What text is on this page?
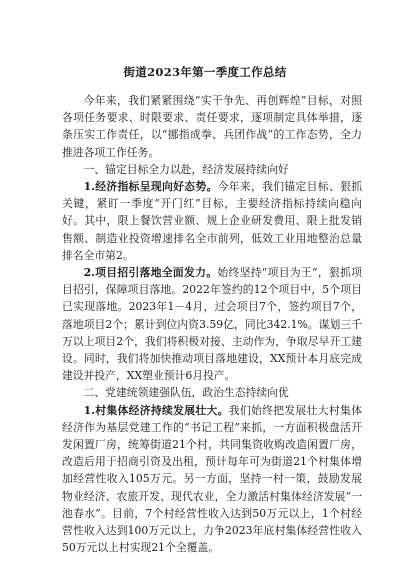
街道2023年第一季度工作总结

今年来，我们紧紧围绕“实干争先、再创辉煌”目标，对照各项任务要求、时限要求、责任要求，逐项制定具体举措，逐条压实工作责任，以“挪指成拳、兵团作战”的工作态势，全力推进各项工作任务。

一、锚定目标全力以赴，经济发展持续向好

1.经济指标呈现向好态势。今年来，我们锚定目标、狠抓关键，紧盯一季度“开门红”目标，主要经济指标持续向稳向好。其中，限上餐饮营业额、规上企业研发费用、限上批发销售额、制造业投资增速排名全市前列，低效工业用地整治总量排名全市第2。

2.项目招引落地全面发力。始终坚持“项目为王”，狠抓项目招引，保障项目落地。2022年签约的12个项目中，5个项目已实现落地。2023年1－4月，过会项目7个，签约项目7个，落地项目2个；累计到位内资3.59亿，同比342.1%。谋划三千万以上项目2个，我们将积极对接、主动作为，争取尽早开工建设。同时，我们将加快推动项目落地建设，XX预计本月底完成建设并投产，XX塑业预计6月投产。

二、党建统领建强队伍，政治生态持续向优

1.村集体经济持续发展壮大。我们始终把发展壮大村集体经济作为基层党建工作的“书记工程”来抓，一方面积极盘活开发闲置厂房，统筹街道21个村，共同集资收购改造闲置厂房，改造后用于招商引资及出租，预计每年可为街道21个村集体增加经营性收入105万元。另一方面，坚持一村一策，鼓励发展物业经济、农旅开发、现代农业，全力激活村集体经济发展“一池春水”。目前，7个村经营性收入达到50万元以上，1个村经营性收入达到100万元以上，力争2023年底村集体经营性收入50万元以上村实现21个全覆盖。
